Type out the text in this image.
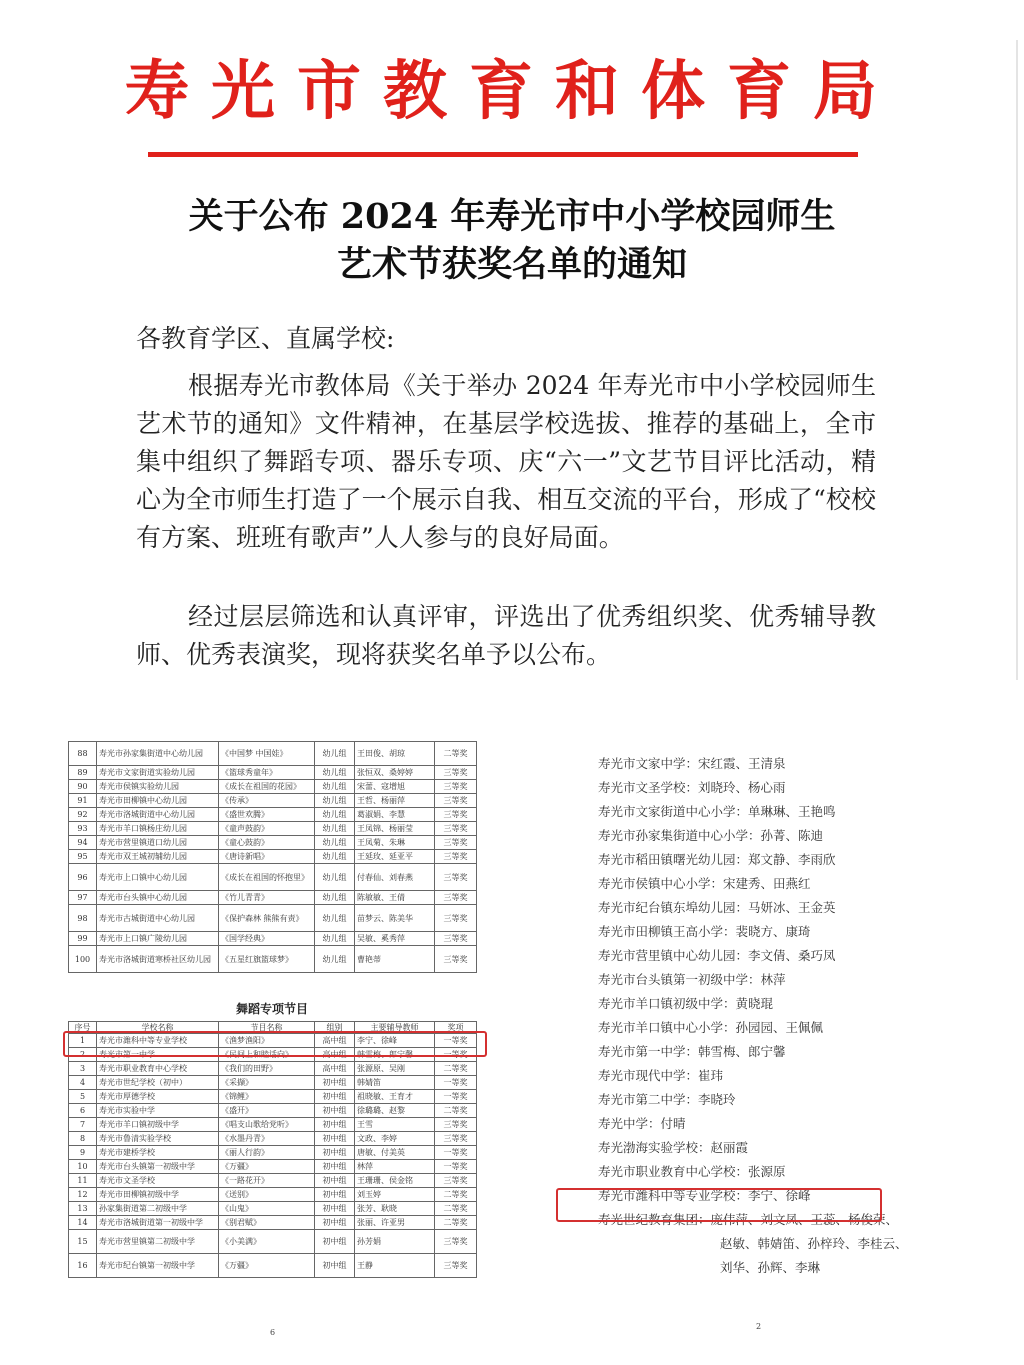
寿光市教育和体育局
关于公布 2024 年寿光市中小学校园师生
艺术节获奖名单的通知

各教育学区、直属学校:

根据寿光市教体局《关于举办 2024 年寿光市中小学校园师生艺术节的通知》文件精神，在基层学校选拔、推荐的基础上，全市集中组织了舞蹈专项、器乐专项、庆“六一”文艺节目评比活动，精心为全市师生打造了一个展示自我、相互交流的平台，形成了“校校有方案、班班有歌声”人人参与的良好局面。

经过层层筛选和认真评审，评选出了优秀组织奖、优秀辅导教师、优秀表演奖，现将获奖名单予以公布。

88	寿光市孙家集街道中心幼儿园	《中国梦 中国娃》	幼儿组	王田俊、胡琼	二等奖
89	寿光市文家街道实验幼儿园	《篮球秀童年》	幼儿组	张恒双、桑婷婷	三等奖
90	寿光市侯镇实验幼儿园	《成长在祖国的花园》	幼儿组	宋蕾、寇增旭	三等奖
91	寿光市田柳镇中心幼儿园	《传承》	幼儿组	王哲、杨丽萍	三等奖
92	寿光市洛城街道中心幼儿园	《盛世欢腾》	幼儿组	葛淑娟、李慧	三等奖
93	寿光市羊口镇杨庄幼儿园	《童声鼓韵》	幼儿组	王凤锦、杨丽莹	三等奖
94	寿光市营里镇道口幼儿园	《童心鼓韵》	幼儿组	王凤菊、朱琳	三等奖
95	寿光市双王城初辅幼儿园	《唐诗新唱》	幼儿组	王延玫、延亚平	三等奖
96	寿光市上口镇中心幼儿园	《成长在祖国的怀抱里》	幼儿组	付春仙、刘春燕	三等奖
97	寿光市台头镇中心幼儿园	《竹儿青青》	幼儿组	陈敏敏、王倩	三等奖
98	寿光市古城街道中心幼儿园	《保护森林 熊熊有责》	幼儿组	苗梦云、陈美华	三等奖
99	寿光市上口镇广陵幼儿园	《国学经典》	幼儿组	吴敏、奚秀萍	三等奖
100	寿光市洛城街道寒桥社区幼儿园	《五星红旗篮球梦》	幼儿组	曹艳蒂	三等奖
舞蹈专项节目
序号	学校名称	节目名称	组别	主要辅导教师	奖项
1	寿光市潍科中等专业学校	《渔梦渔阳》	高中组	李宁、徐峰	一等奖
2	寿光市第一中学	《民间上和睦话向》	高中组	韩雪梅、郎宁馨	一等奖
3	寿光市职业教育中心学校	《我们的田野》	高中组	张源原、吴刚	二等奖
4	寿光市世纪学校（初中）	《采撷》	初中组	韩婧笛	一等奖
5	寿光市厚德学校	《锦鲤》	初中组	祖晓敏、王育才	一等奖
6	寿光市实验中学	《盛开》	初中组	徐璐璐、赵黎	二等奖
7	寿光市羊口镇初级中学	《唱支山歌给党听》	初中组	王雪	三等奖
8	寿光市鲁清实验学校	《水墨丹青》	初中组	文政、李婷	三等奖
9	寿光市建桥学校	《丽人行韵》	初中组	唐敏、付美英	一等奖
10	寿光市台头镇第一初级中学	《万疆》	初中组	林萍	一等奖
11	寿光市文圣学校	《一路花开》	初中组	王珊珊、侯金铭	三等奖
12	寿光市田柳镇初级中学	《送别》	初中组	刘玉婷	二等奖
13	孙家集街道第二初级中学	《山鬼》	初中组	张芳、耿晓	二等奖
14	寿光市洛城街道第一初级中学	《别君赋》	初中组	张丽、许亚男	二等奖
15	寿光市营里镇第二初级中学	《小美满》	初中组	孙芳娟	三等奖
16	寿光市纪台镇第一初级中学	《万疆》	初中组	王静	三等奖
寿光市文家中学：宋红霞、王清泉
寿光市文圣学校：刘晓玲、杨心雨
寿光市文家街道中心小学：单琳琳、王艳鸣
寿光市孙家集街道中心小学：孙菁、陈迪
寿光市稻田镇曙光幼儿园：郑文静、李雨欣
寿光市侯镇中心小学：宋建秀、田燕红
寿光市纪台镇东埠幼儿园：马妍冰、王金英
寿光市田柳镇王高小学：裴晓方、康琦
寿光市营里镇中心幼儿园：李文倩、桑巧凤
寿光市台头镇第一初级中学：林萍
寿光市羊口镇初级中学：黄晓琨
寿光市羊口镇中心小学：孙园园、王佩佩
寿光市第一中学：韩雪梅、郎宁馨
寿光市现代中学：崔玮
寿光市第二中学：李晓玲
寿光中学：付晴
寿光渤海实验学校：赵丽霞
寿光市职业教育中心学校：张源原
寿光市潍科中等专业学校：李宁、徐峰
寿光世纪教育集团：庞伟萍、刘文凤、王蕊、杨俊荣、
赵敏、韩婧笛、孙梓玲、李桂云、
刘华、孙辉、李琳
6
2
